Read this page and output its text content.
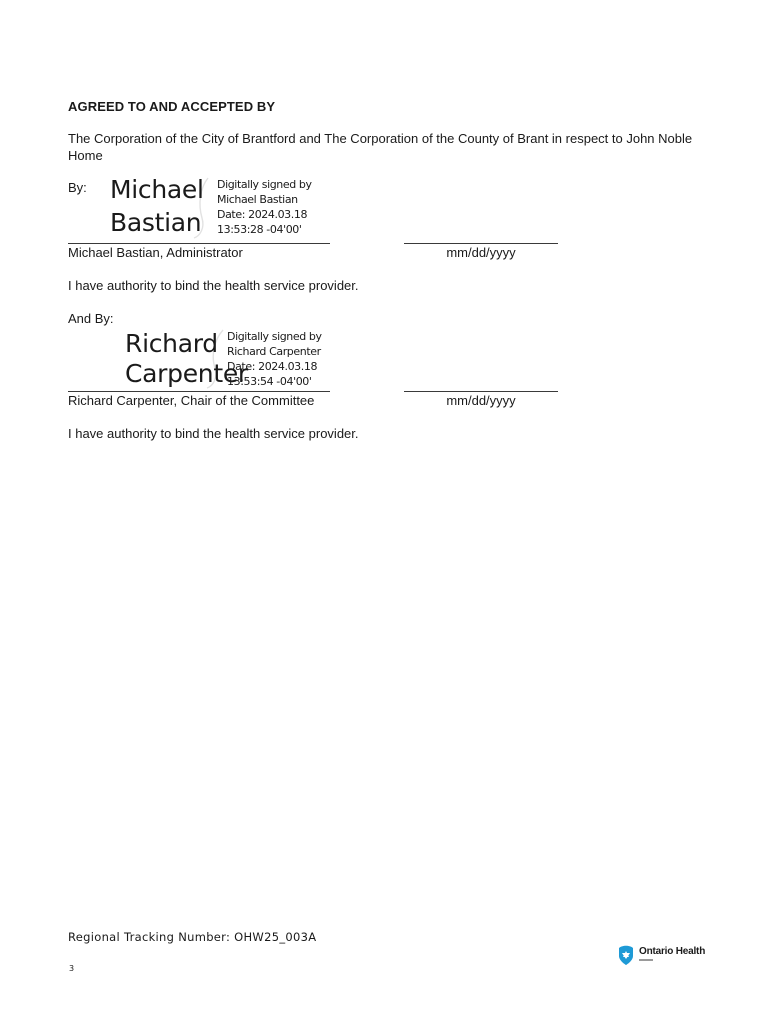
AGREED TO AND ACCEPTED BY
The Corporation of the City of Brantford and The Corporation of the County of Brant in respect to John Noble Home
By: Michael
Bastian
Digitally signed by
Michael Bastian
Date: 2024.03.18
13:53:28 -04'00'
Michael Bastian, Administrator	mm/dd/yyyy
I have authority to bind the health service provider.
And By:
Richard
Carpenter
Digitally signed by
Richard Carpenter
Date: 2024.03.18
13:53:54 -04'00'
Richard Carpenter, Chair of the Committee	mm/dd/yyyy
I have authority to bind the health service provider.
Regional Tracking Number: OHW25_003A
3
Ontario Health
